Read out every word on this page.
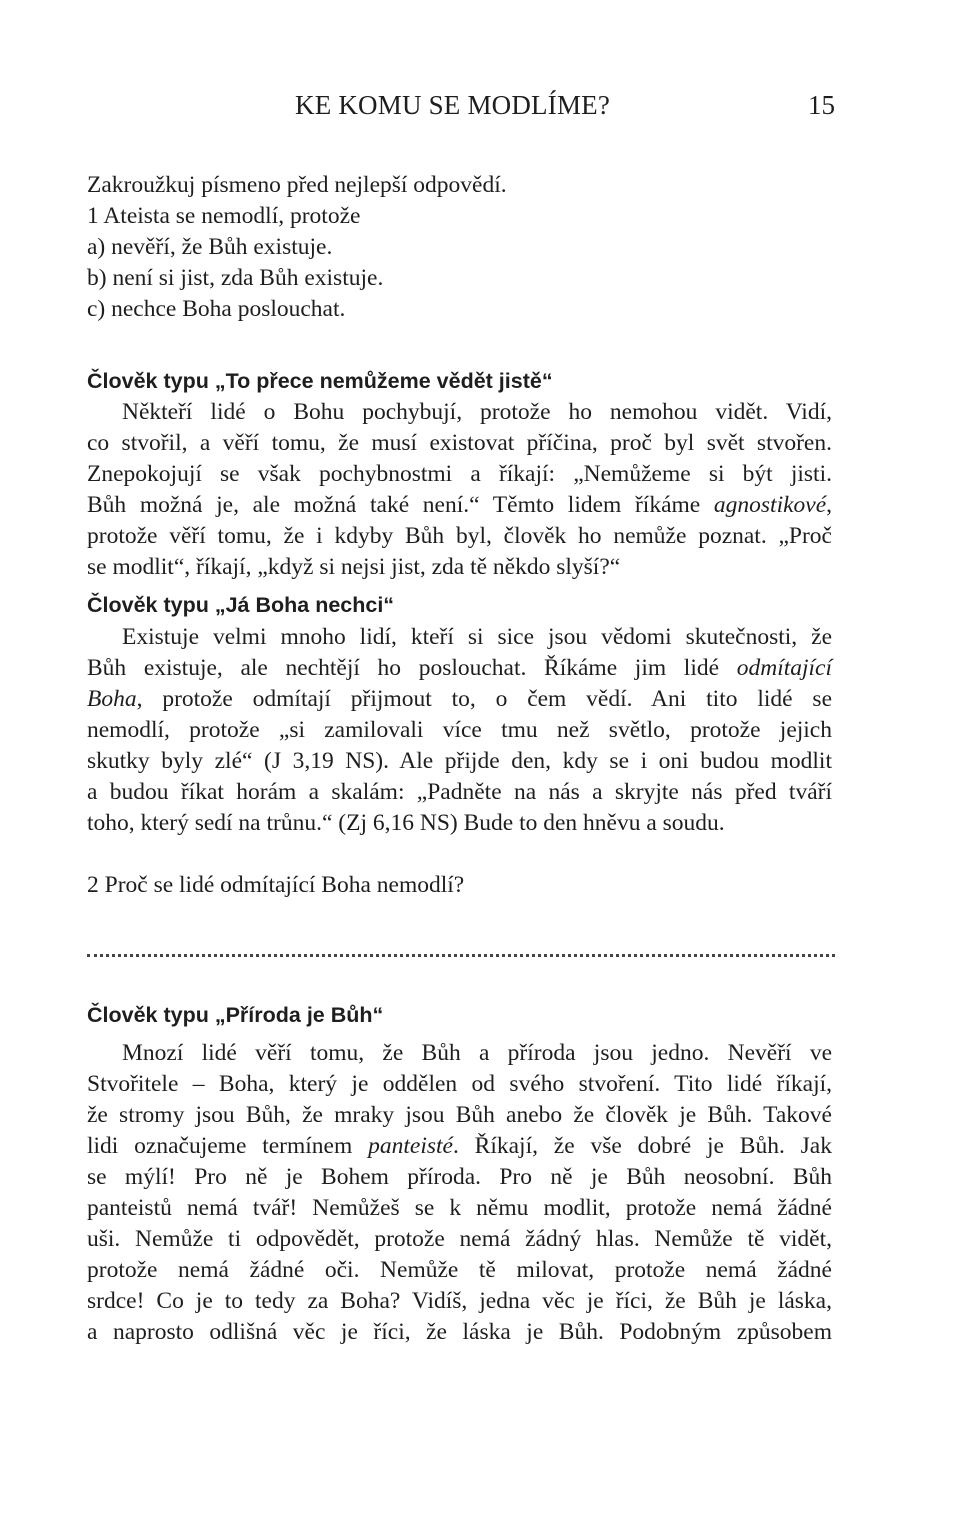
KE KOMU SE MODLÍME?	15
Zakroužkuj písmeno před nejlepší odpovědí.
1 Ateista se nemodlí, protože
a) nevěří, že Bůh existuje.
b) není si jist, zda Bůh existuje.
c) nechce Boha poslouchat.
Člověk typu „To přece nemůžeme vědět jistě“
Někteří lidé o Bohu pochybují, protože ho nemohou vidět. Vidí,
co stvořil, a věří tomu, že musí existovat příčina, proč byl svět stvořen.
Znepokojují se však pochybnostmi a říkají: „Nemůžeme si být jisti.
Bůh možná je, ale možná také není.“ Těmto lidem říkáme agnostikové,
protože věří tomu, že i kdyby Bůh byl, člověk ho nemůže poznat. „Proč
se modlit“, říkají, „když si nejsi jist, zda tě někdo slyší?“
Člověk typu „Já Boha nechci“
Existuje velmi mnoho lidí, kteří si sice jsou vědomi skutečnosti, že
Bůh existuje, ale nechtějí ho poslouchat. Říkáme jim lidé odmítající
Boha, protože odmítají přijmout to, o čem vědí. Ani tito lidé se
nemodlí, protože „si zamilovali více tmu než světlo, protože jejich
skutky byly zlé“ (J 3,19 NS). Ale přijde den, kdy se i oni budou modlit
a budou říkat horám a skalám: „Padněte na nás a skryjte nás před tváří
toho, který sedí na trůnu.“ (Zj 6,16 NS) Bude to den hněvu a soudu.
2 Proč se lidé odmítající Boha nemodlí?
Člověk typu „Příroda je Bůh“
Mnozí lidé věří tomu, že Bůh a příroda jsou jedno. Nevěří ve
Stvořitele – Boha, který je oddělen od svého stvoření. Tito lidé říkají,
že stromy jsou Bůh, že mraky jsou Bůh anebo že člověk je Bůh. Takové
lidi označujeme termínem panteisté. Říkají, že vše dobré je Bůh. Jak
se mýlí! Pro ně je Bohem příroda. Pro ně je Bůh neosobní. Bůh
panteistů nemá tvář! Nemůžeš se k němu modlit, protože nemá žádné
uši. Nemůže ti odpovědět, protože nemá žádný hlas. Nemůže tě vidět,
protože nemá žádné oči. Nemůže tě milovat, protože nemá žádné
srdce! Co je to tedy za Boha? Vidíš, jedna věc je říci, že Bůh je láska,
a naprosto odlišná věc je říci, že láska je Bůh. Podobným způsobem
